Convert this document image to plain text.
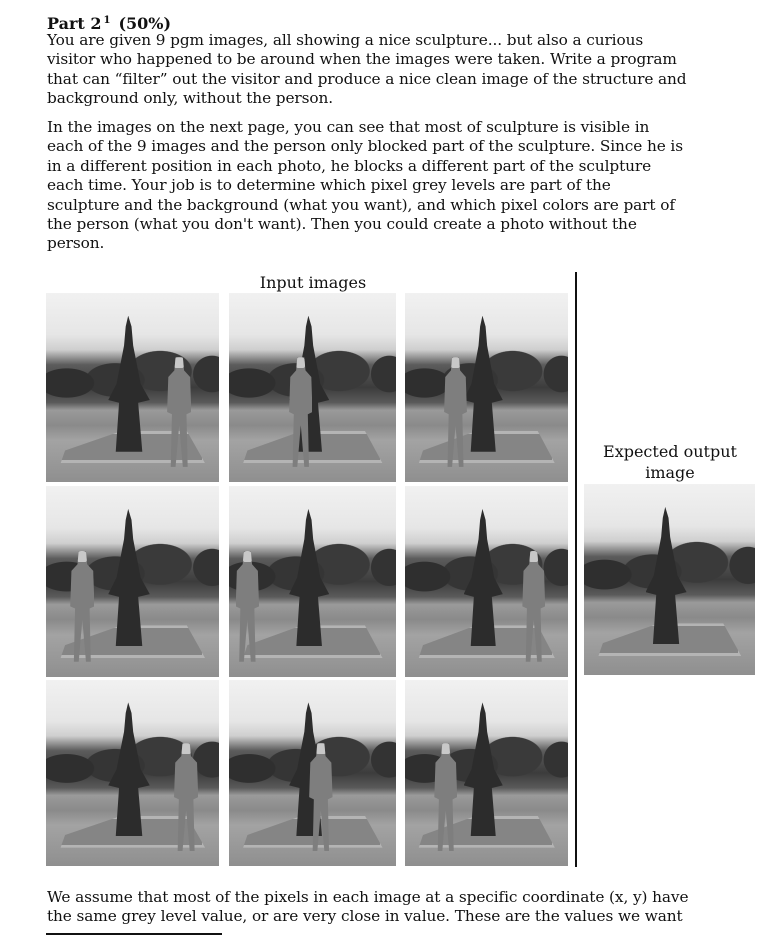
Part 2 $^1$ (50%)

You are given 9 pgm images, all showing a nice sculpture... but also a curious
visitor who happened to be around when the images were taken. Write a program
that can “filter” out the visitor and produce a nice clean image of the structure and
background only, without the person.

In the images on the next page, you can see that most of sculpture is visible in
each of the 9 images and the person only blocked part of the sculpture. Since he is
in a different position in each photo, he blocks a different part of the sculpture
each time. Your job is to determine which pixel grey levels are part of the
sculpture and the background (what you want), and which pixel colors are part of
the person (what you don't want). Then you could create a photo without the
person.

Input images
Expected output
image

We assume that most of the pixels in each image at a specific coordinate (x, y) have
the same grey level value, or are very close in value. These are the values we want
